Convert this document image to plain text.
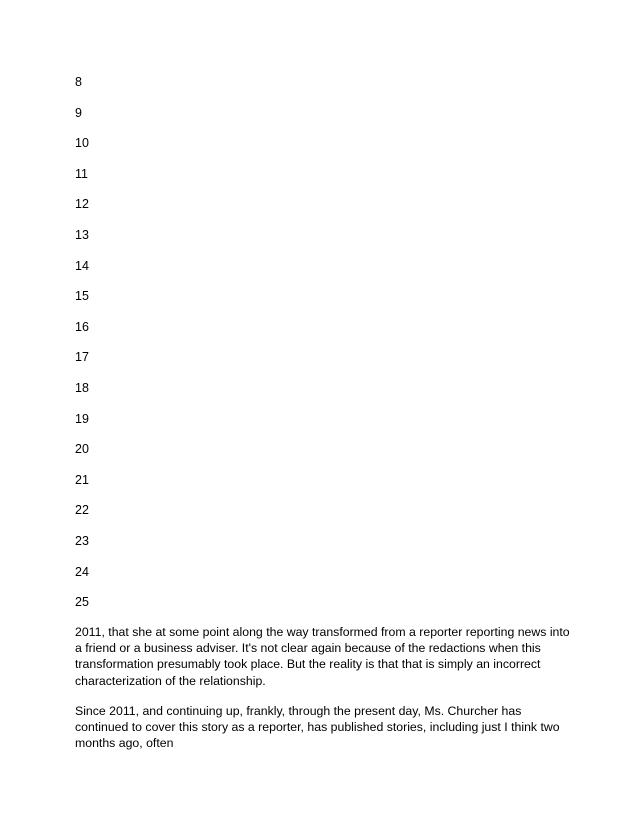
8
9
10
11
12
13
14
15
16
17
18
19
20
21
22
23
24
25

2011, that she at some point along the way transformed from a reporter reporting news into a friend or a business adviser. It's not clear again because of the redactions when this transformation presumably took place. But the reality is that that is simply an incorrect characterization of the relationship.

Since 2011, and continuing up, frankly, through the present day, Ms. Churcher has continued to cover this story as a reporter, has published stories, including just I think two months ago, often
